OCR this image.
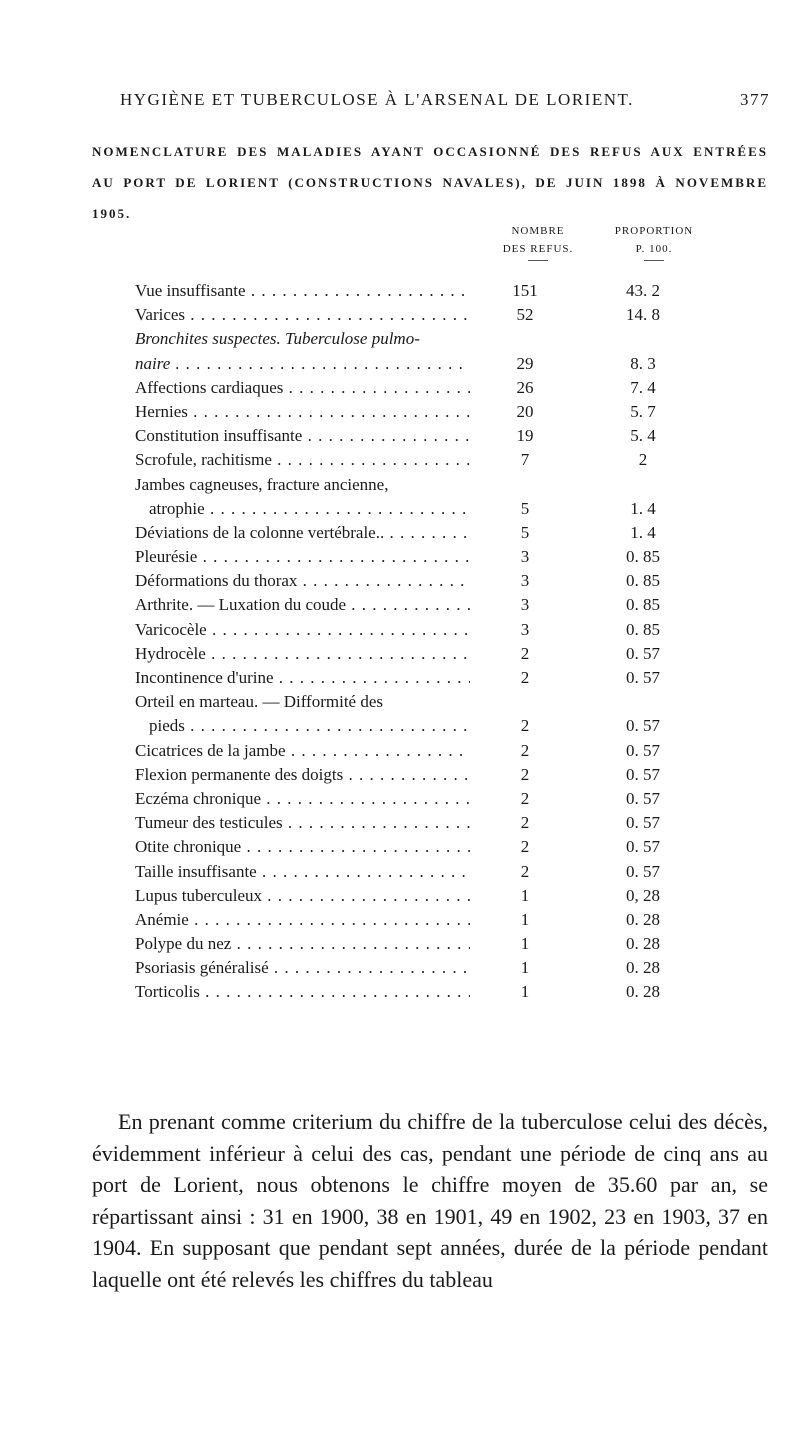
HYGIÈNE ET TUBERCULOSE À L'ARSENAL DE LORIENT.	377
NOMENCLATURE DES MALADIES AYANT OCCASIONNÉ DES REFUS AUX ENTRÉES AU PORT DE LORIENT (CONSTRUCTIONS NAVALES), DE JUIN 1898 À NOVEMBRE 1905.
NOMBRE
DES REFUS.
PROPORTION
P. 100.
Vue insuffisante . . .	151	43. 2
Varices . . .	52	14. 8
Bronchites suspectes. Tuberculose pulmo-
naire . . .	29	8. 3
Affections cardiaques . . .	26	7. 4
Hernies . . .	20	5. 7
Constitution insuffisante . . .	19	5. 4
Scrofule, rachitisme . . .	7	2
Jambes cagneuses, fracture ancienne,
atrophie . . .	5	1. 4
Déviations de la colonne vertébrale.. . . .	5	1. 4
Pleurésie . . .	3	0. 85
Déformations du thorax . . .	3	0. 85
Arthrite. — Luxation du coude . . .	3	0. 85
Varicocèle . . .	3	0. 85
Hydrocèle . . .	2	0. 57
Incontinence d'urine . . .	2	0. 57
Orteil en marteau. — Difformité des
pieds . . .	2	0. 57
Cicatrices de la jambe . . .	2	0. 57
Flexion permanente des doigts . . .	2	0. 57
Eczéma chronique . . .	2	0. 57
Tumeur des testicules . . .	2	0. 57
Otite chronique . . .	2	0. 57
Taille insuffisante . . .	2	0. 57
Lupus tuberculeux . . .	1	0, 28
Anémie . . .	1	0. 28
Polype du nez . . .	1	0. 28
Psoriasis généralisé . . .	1	0. 28
Torticolis . . .	1	0. 28
En prenant comme criterium du chiffre de la tuberculose celui des décès, évidemment inférieur à celui des cas, pendant une période de cinq ans au port de Lorient, nous obtenons le chiffre moyen de 35.60 par an, se répartissant ainsi : 31 en 1900, 38 en 1901, 49 en 1902, 23 en 1903, 37 en 1904. En supposant que pendant sept années, durée de la période pendant laquelle ont été relevés les chiffres du tableau
